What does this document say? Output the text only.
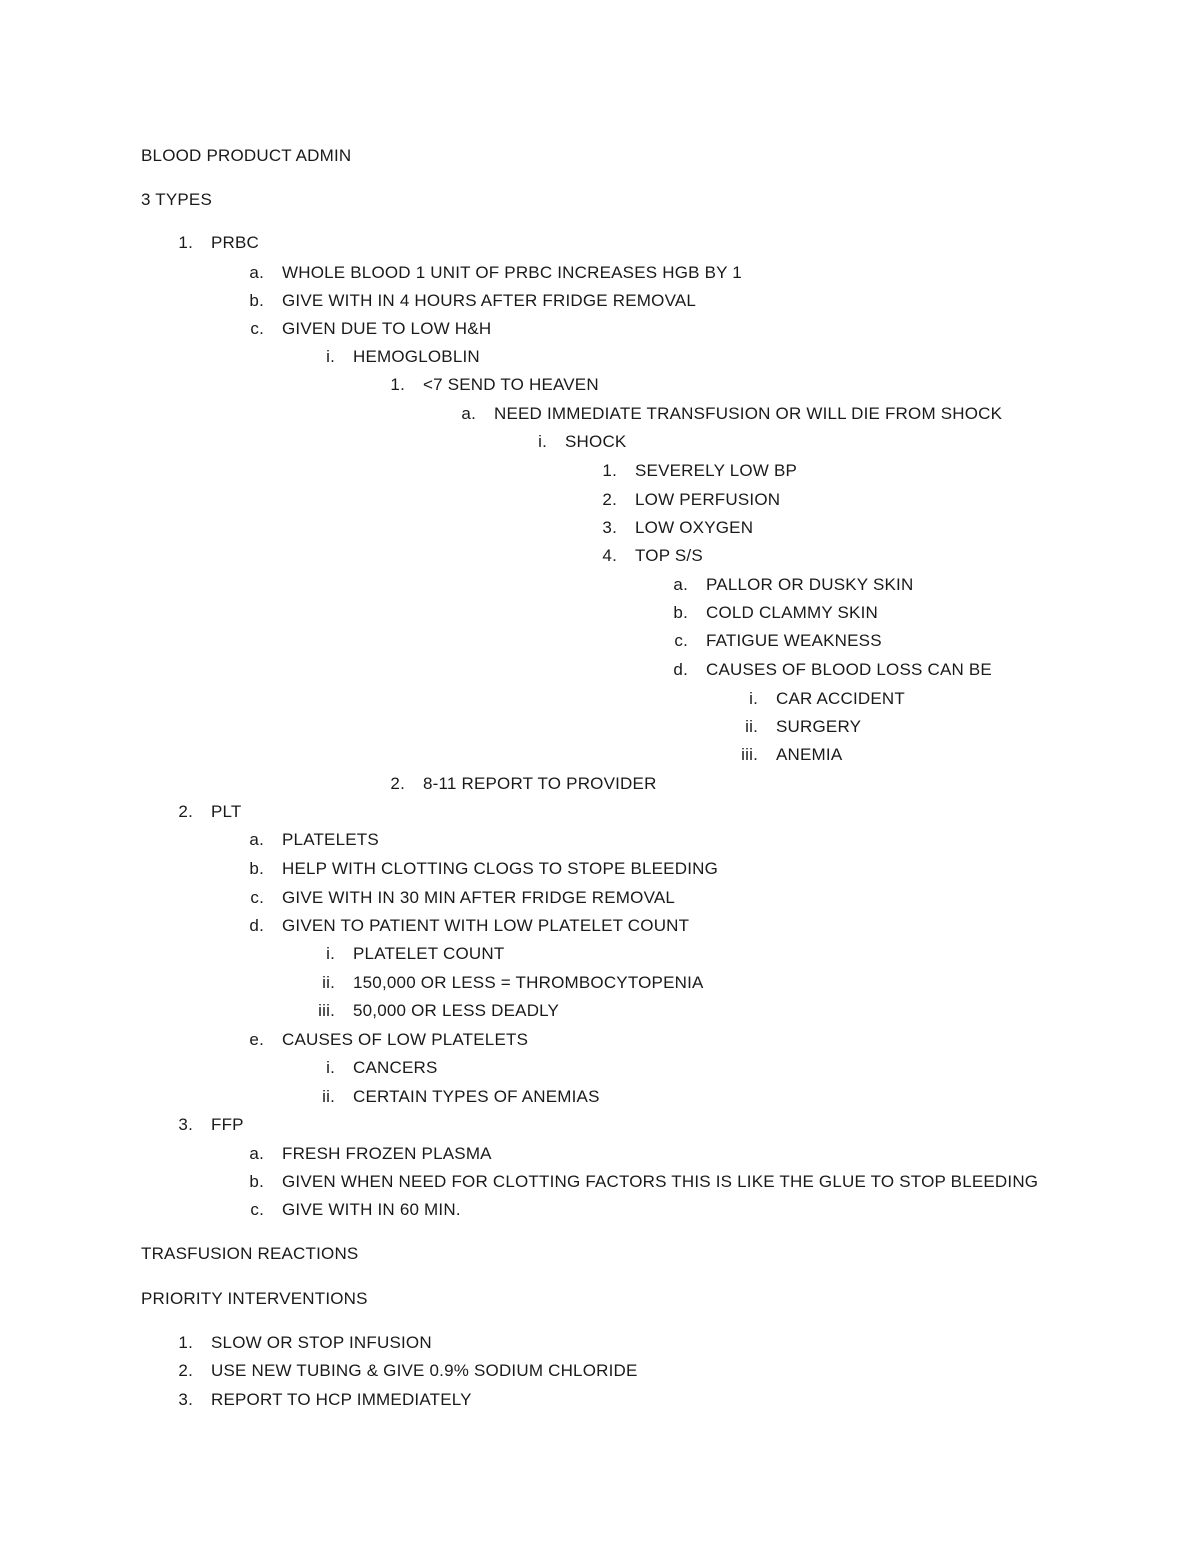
BLOOD PRODUCT ADMIN
3 TYPES
1. PRBC
a. WHOLE BLOOD 1 UNIT OF PRBC INCREASES HGB BY 1
b. GIVE WITH IN 4 HOURS AFTER FRIDGE REMOVAL
c. GIVEN DUE TO LOW H&H
i. HEMOGLOBLIN
1. <7 SEND TO HEAVEN
a. NEED IMMEDIATE TRANSFUSION OR WILL DIE FROM SHOCK
i. SHOCK
1. SEVERELY LOW BP
2. LOW PERFUSION
3. LOW OXYGEN
4. TOP S/S
a. PALLOR OR DUSKY SKIN
b. COLD CLAMMY SKIN
c. FATIGUE WEAKNESS
d. CAUSES OF BLOOD LOSS CAN BE
i. CAR ACCIDENT
ii. SURGERY
iii. ANEMIA
2. 8-11 REPORT TO PROVIDER
2. PLT
a. PLATELETS
b. HELP WITH CLOTTING CLOGS TO STOPE BLEEDING
c. GIVE WITH IN 30 MIN AFTER FRIDGE REMOVAL
d. GIVEN TO PATIENT WITH LOW PLATELET COUNT
i. PLATELET COUNT
ii. 150,000 OR LESS = THROMBOCYTOPENIA
iii. 50,000 OR LESS DEADLY
e. CAUSES OF LOW PLATELETS
i. CANCERS
ii. CERTAIN TYPES OF ANEMIAS
3. FFP
a. FRESH FROZEN PLASMA
b. GIVEN WHEN NEED FOR CLOTTING FACTORS THIS IS LIKE THE GLUE TO STOP BLEEDING
c. GIVE WITH IN 60 MIN.
TRASFUSION REACTIONS
PRIORITY INTERVENTIONS
1. SLOW OR STOP INFUSION
2. USE NEW TUBING & GIVE 0.9% SODIUM CHLORIDE
3. REPORT TO HCP IMMEDIATELY
